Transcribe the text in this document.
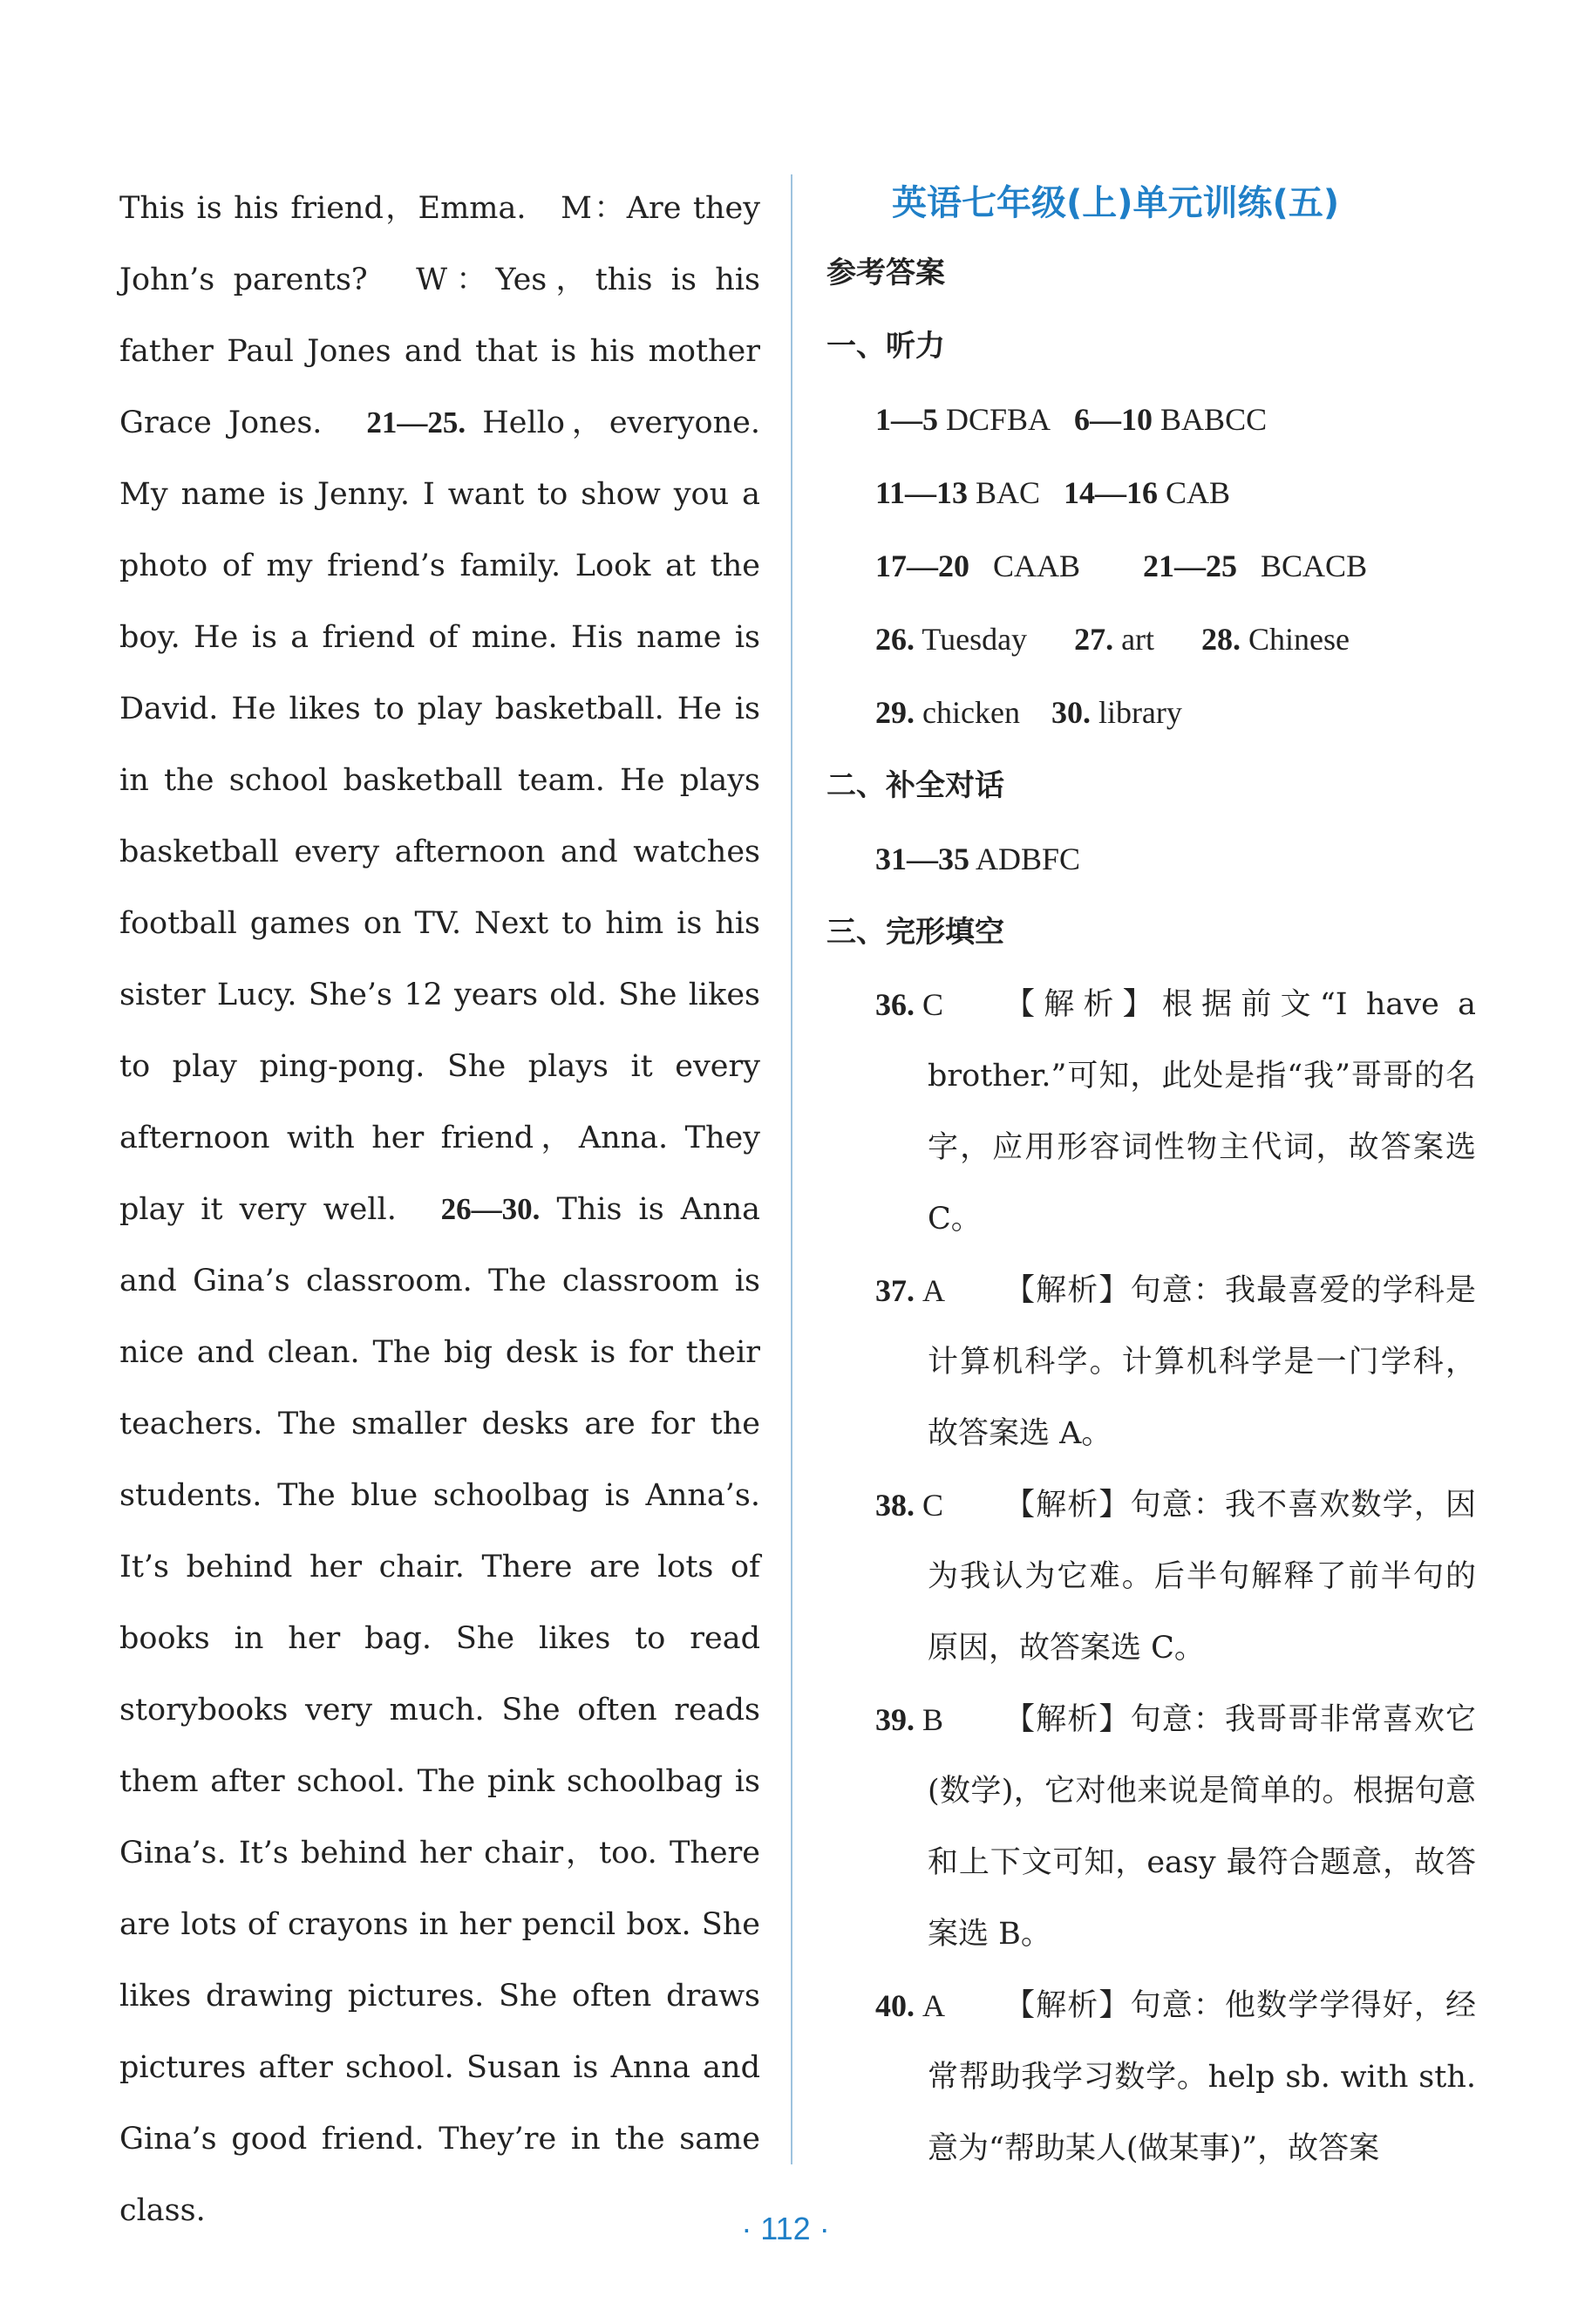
This is his friend，Emma.　M：Are they John’s parents?　W：Yes，this is his father Paul Jones and that is his mother Grace Jones.　21—25. Hello，everyone. My name is Jenny. I want to show you a photo of my friend’s family. Look at the boy. He is a friend of mine. His name is David. He likes to play basketball. He is in the school basketball team. He plays basketball every afternoon and watches football games on TV. Next to him is his sister Lucy. She’s 12 years old. She likes to play ping-pong. She plays it every afternoon with her friend，Anna. They play it very well.　26—30. This is Anna and Gina’s classroom. The classroom is nice and clean. The big desk is for their teachers. The smaller desks are for the students. The blue schoolbag is Anna’s. It’s behind her chair. There are lots of books in her bag. She likes to read storybooks very much. She often reads them after school. The pink schoolbag is Gina’s. It’s behind her chair，too. There are lots of crayons in her pencil box. She likes drawing pictures. She often draws pictures after school. Susan is Anna and Gina’s good friend. They’re in the same class.

英语七年级(上)单元训练(五)
参考答案
一、听力

1—5 DCFBA 6—10 BABCC

11—13 BAC 14—16 CAB

17—20 CAAB 21—25 BCACB

26. Tuesday 27. art 28. Chinese

29. chicken 30. library

二、补全对话

31—35 ADBFC

三、完形填空
36. C	【解析】根据前文“I have a brother.”可知，此处是指“我”哥哥的名字，应用形容词性物主代词，故答案选 C。
37. A	【解析】句意：我最喜爱的学科是计算机科学。计算机科学是一门学科，故答案选 A。
38. C	【解析】句意：我不喜欢数学，因为我认为它难。后半句解释了前半句的原因，故答案选 C。
39. B	【解析】句意：我哥哥非常喜欢它(数学)，它对他来说是简单的。根据句意和上下文可知，easy 最符合题意，故答案选 B。
40. A	【解析】句意：他数学学得好，经常帮助我学习数学。help sb. with sth. 意为“帮助某人(做某事)”，故答案
· 112 ·
